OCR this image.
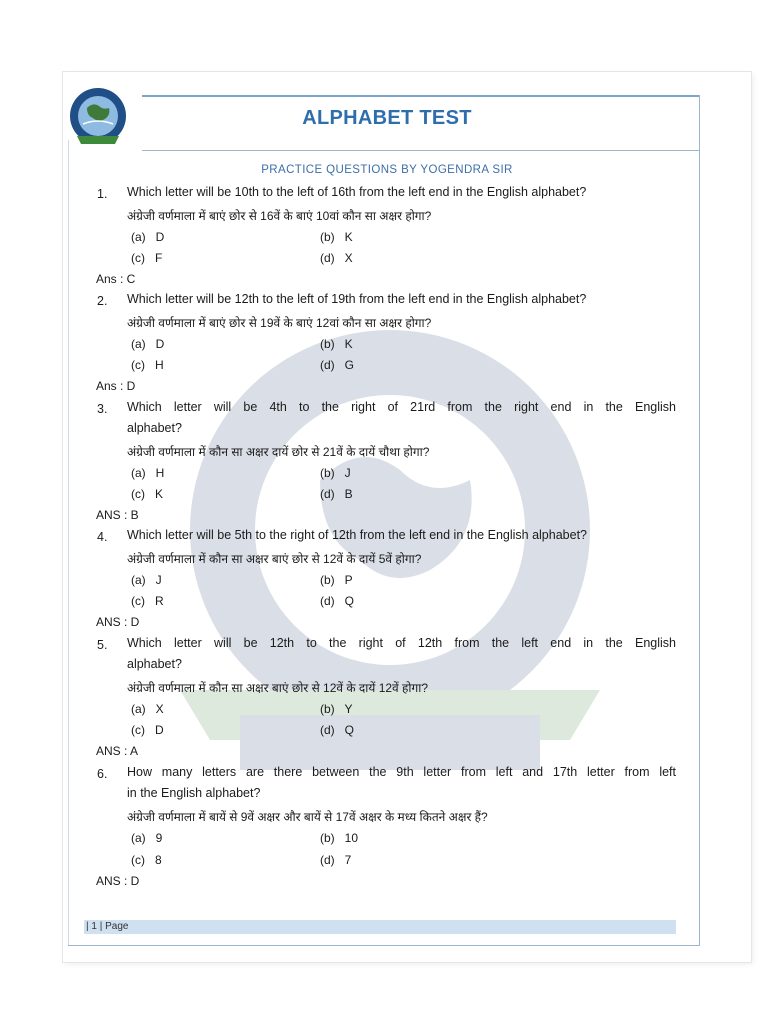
ALPHABET TEST
PRACTICE QUESTIONS BY YOGENDRA SIR
1. Which letter will be 10th to the left of 16th from the left end in the English alphabet?
अंग्रेजी वर्णमाला में बाएं छोर से 16वें के बाएं 10वां कौन सा अक्षर होगा?
(a)   D	(b)   K
(c)   F	(d)   X
Ans : C
2. Which letter will be 12th to the left of 19th from the left end in the English alphabet?
अंग्रेजी वर्णमाला में बाएं छोर से 19वें के बाएं 12वां कौन सा अक्षर होगा?
(a)   D	(b)   K
(c)   H	(d)   G
Ans : D
3. Which letter will be 4th to the right of 21rd from the right end in the English
alphabet?
अंग्रेजी वर्णमाला में कौन सा अक्षर दायें छोर से 21वें के दायें चौथा होगा?
(a)   H	(b)   J
(c)   K	(d)   B
ANS : B
4. Which letter will be 5th to the right of 12th from the left end in the English alphabet?
अंग्रेजी वर्णमाला में कौन सा अक्षर बाएं छोर से 12वें के दायें 5वें होगा?
(a)   J	(b)   P
(c)   R	(d)   Q
ANS : D
5. Which letter will be 12th to the right of 12th from the left end in the English
alphabet?
अंग्रेजी वर्णमाला में कौन सा अक्षर बाएं छोर से 12वें के दायें 12वें होगा?
(a)   X	(b)   Y
(c)   D	(d)   Q
ANS : A
6. How many letters are there between the 9th letter from left and 17th letter from left
in the English alphabet?
अंग्रेजी वर्णमाला में बायें से 9वें अक्षर और बायें से 17वें अक्षर के मध्य कितने अक्षर हैं?
(a)   9	(b)   10
(c)   8	(d)   7
ANS : D
| 1 | Page
